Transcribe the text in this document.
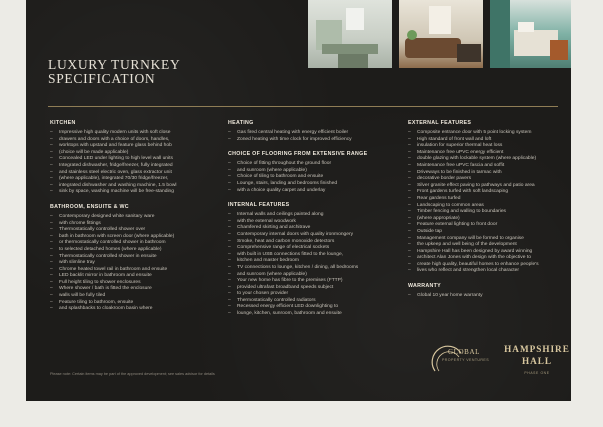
LUXURY TURNKEY
SPECIFICATION
KITCHEN
– Impressive high quality modern units with soft close
– drawers and doors with a choice of doors, handles,
– worktops with upstand and feature glass behind hob
– (choice will be made applicable)
– Concealed LED under lighting to high level wall units
– Integrated dishwasher, fridge/freezer, fully integrated
– and stainless steel electric oven, glass extractor unit
– (where applicable), integrated 70/30 fridge/freezer,
– integrated dishwasher and washing machine, 1.5 bowl
– sink by space, washing machine will be free-standing
BATHROOM, ENSUITE & WC
– Contemporary designed white sanitary ware
– with chrome fittings
– Thermostatically controlled shower over
– bath in bathroom with screen door (where applicable)
– or thermostatically controlled shower in bathroom
– to selected detached homes (where applicable)
– Thermostatically controlled shower in ensuite
– with slimline tray
– Chrome heated towel rail in bathroom and ensuite
– LED backlit mirror in bathroom and ensuite
– Full height tiling to shower enclosures
– Where shower / bath is fitted the enclosure
– walls will be fully tiled
– Feature tiling to bathroom, ensuite
– and splashbacks to cloakroom basin where
HEATING
– Gas fired central heating with energy efficient boiler
– Zoned heating with time clock for improved efficiency
CHOICE OF FLOORING FROM EXTENSIVE RANGE
– Choice of fitting throughout the ground floor
– and sunroom (where applicable)
– Choice of tiling to bathroom and ensuite
– Lounge, stairs, landing and bedrooms finished
– with a choice quality carpet and underlay
INTERNAL FEATURES
– Internal walls and ceilings painted along
– with the external woodwork
– Chamfered skirting and architrave
– Contemporary internal doors with quality ironmongery
– Smoke, heat and carbon monoxide detectors
– Comprehensive range of electrical sockets
– with built in USB connections fitted to the lounge,
– kitchen and master bedroom
– TV connections to lounge, kitchen / dining, all bedrooms
– and sunroom (where applicable)
– Your new home has fibre to the premises (FTTP)
– provided ultrafast broadband speeds subject
– to your chosen provider
– Thermostatically controlled radiators
– Recessed energy efficient LED downlighting to
– lounge, kitchen, sunroom, bathroom and ensuite
EXTERNAL FEATURES
– Composite entrance door with 5 point locking system
– High standard of front wall and loft
– insulation for superior thermal heat loss
– Maintenance free uPVC energy efficient
– double glazing with lockable system (where applicable)
– Maintenance free uPVC fascia and soffit
– Driveways to be finished in tarmac with
– decorative border pavers
– Silver granite effect paving to pathways and patio area
– Front gardens turfed with soft landscaping
– Rear gardens turfed
– Landscaping to common areas
– Timber fencing and walling to boundaries
– (where appropriate)
– Feature external lighting to front door
– Outside tap
– Management company will be formed to organise
– the upkeep and well being of the development
– Hampshire Hall has been designed by award winning
– architect Alan Jones with design with the objective to
– create high quality, beautiful homes to enhance people's
– lives who reflect and strengthen local character
WARRANTY
– Global 10 year home warranty
Please note: Certain items may be part of the approved development; see sales advisor for details
GLOBAL
PROPERTY VENTURES
HAMPSHIRE
HALL
PHASE ONE
